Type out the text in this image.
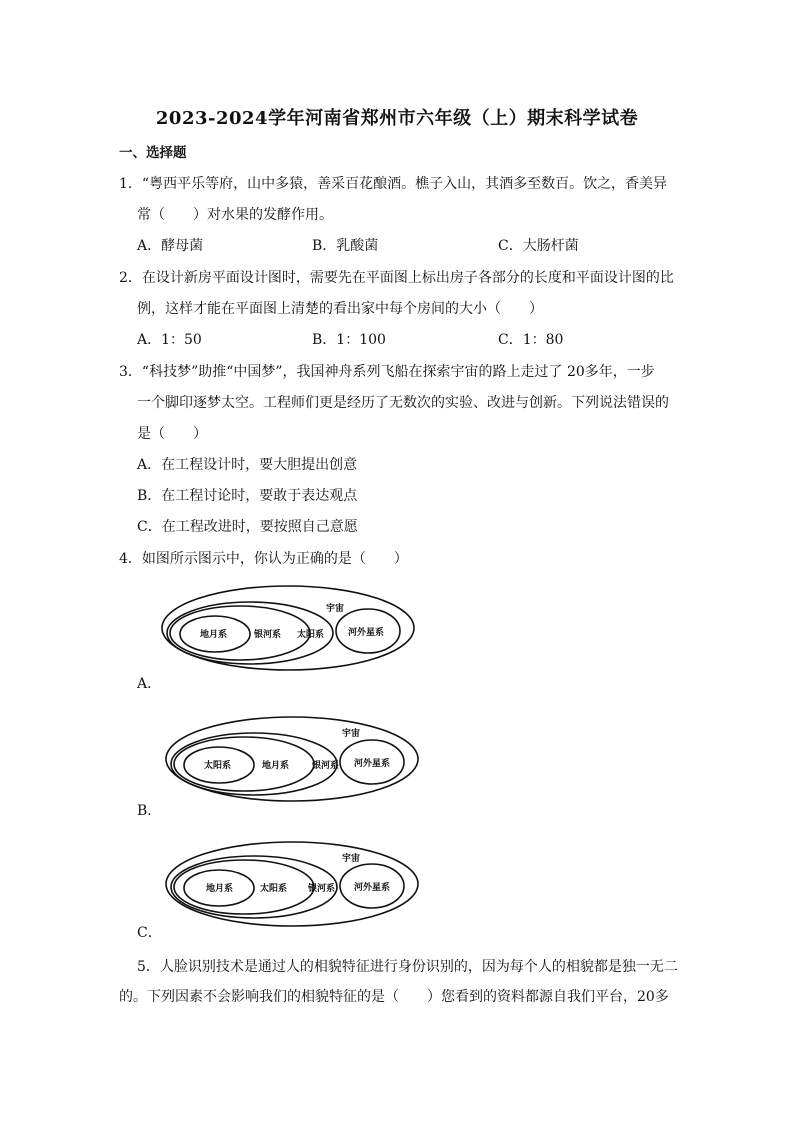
2023-2024学年河南省郑州市六年级（上）期末科学试卷
一、选择题
1．“粤西平乐等府，山中多猿，善采百花酿酒。樵子入山，其酒多至数百。饮之，香美异
常（　　）对水果的发酵作用。
A．酵母菌	B．乳酸菌	C．大肠杆菌
2．在设计新房平面设计图时，需要先在平面图上标出房子各部分的长度和平面设计图的比
例，这样才能在平面图上清楚的看出家中每个房间的大小（　　）
A．1：50	B．1：100	C．1：80
3．“科技梦”助推“中国梦”，我国神舟系列飞船在探索宇宙的路上走过了 20多年，一步
一个脚印逐梦太空。工程师们更是经历了无数次的实验、改进与创新。下列说法错误的
是（　　）
A．在工程设计时，要大胆提出创意
B．在工程讨论时，要敢于表达观点
C．在工程改进时，要按照自己意愿
4．如图所示图示中，你认为正确的是（　　）
宇宙
地月系	银河系 太阳系	河外星系
A．
宇宙
太阳系	地月系	银河系 河外星系
B．
宇宙
地月系	太阳系 银河系 河外星系
C．
5．人脸识别技术是通过人的相貌特征进行身份识别的，因为每个人的相貌都是独一无二
的。下列因素不会影响我们的相貌特征的是（　　） 您看到的资料都源自我们平台，20多
